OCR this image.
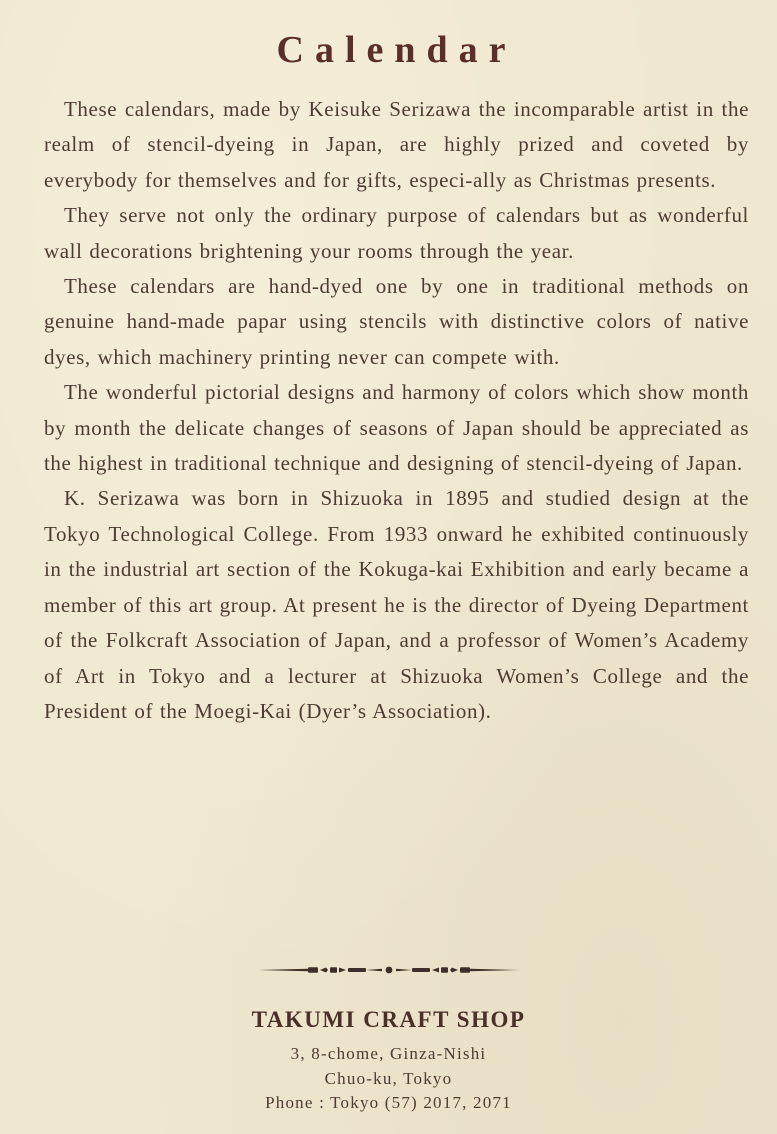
Calendar

These calendars, made by Keisuke Serizawa the incomparable artist in the realm of stencil-dyeing in Japan, are highly prized and coveted by everybody for themselves and for gifts, especi-ally as Christmas presents.

They serve not only the ordinary purpose of calendars but as wonderful wall decorations brightening your rooms through the year.

These calendars are hand-dyed one by one in traditional methods on genuine hand-made papar using stencils with distinctive colors of native dyes, which machinery printing never can compete with.

The wonderful pictorial designs and harmony of colors which show month by month the delicate changes of seasons of Japan should be appreciated as the highest in traditional technique and designing of stencil-dyeing of Japan.

K. Serizawa was born in Shizuoka in 1895 and studied design at the Tokyo Technological College. From 1933 onward he exhibited continuously in the industrial art section of the Kokuga-kai Exhibition and early became a member of this art group. At present he is the director of Dyeing Department of the Folkcraft Association of Japan, and a professor of Women’s Academy of Art in Tokyo and a lecturer at Shizuoka Women’s College and the President of the Moegi-Kai (Dyer’s Association).

TAKUMI CRAFT SHOP
3, 8-chome, Ginza-Nishi
Chuo-ku, Tokyo
Phone : Tokyo (57) 2017, 2071
